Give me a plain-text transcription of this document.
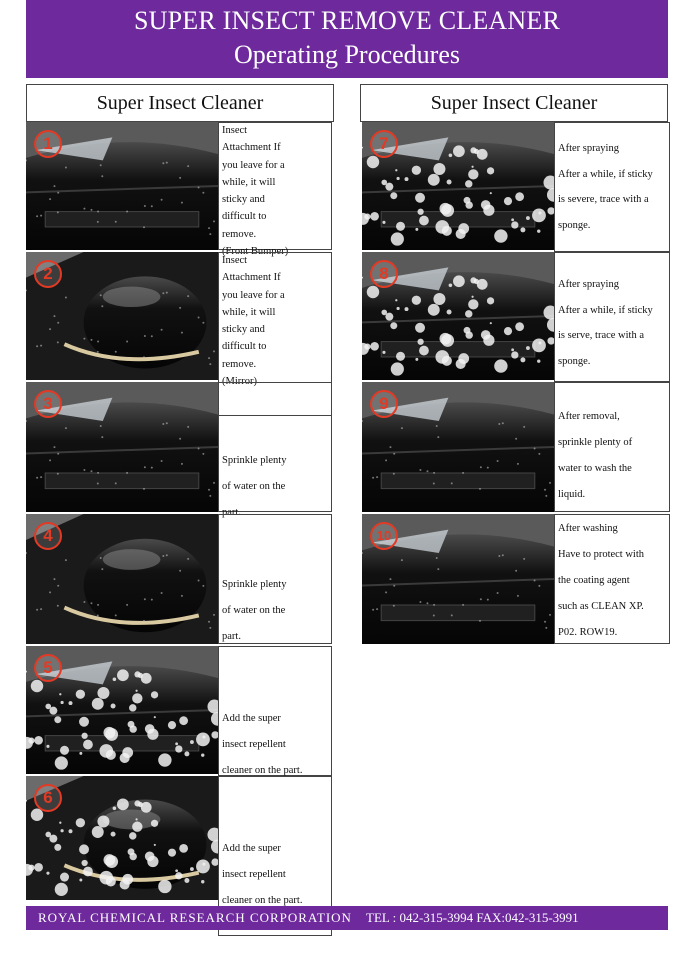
SUPER INSECT REMOVE CLEANER
Operating Procedures
Super Insect Cleaner	Super Insect Cleaner
1
Insect
Attachment If
you leave for a
while, it will
sticky and
difficult to
remove.
(Front Bumper)
2
Insect
Attachment If
you leave for a
while, it will
sticky and
difficult to
remove.
(Mirror)
3
Sprinkle plenty
of water on the
part.
4
Sprinkle plenty
of water on the
part.
5
Add the super
insect repellent
cleaner on the part.
6
Add the super
insect repellent
cleaner on the part.
7	After spraying
After a while, if sticky
is severe, trace with a
sponge.
8
After spraying
After a while, if sticky
is serve, trace with a
sponge.
9
After removal,
sprinkle plenty of
water to wash the
liquid.
10	After washing
Have to protect with
the coating agent
such as CLEAN XP.
P02. ROW19.
ROYAL CHEMICAL RESEARCH CORPORATION TEL : 042-315-3994 FAX:042-315-3991
